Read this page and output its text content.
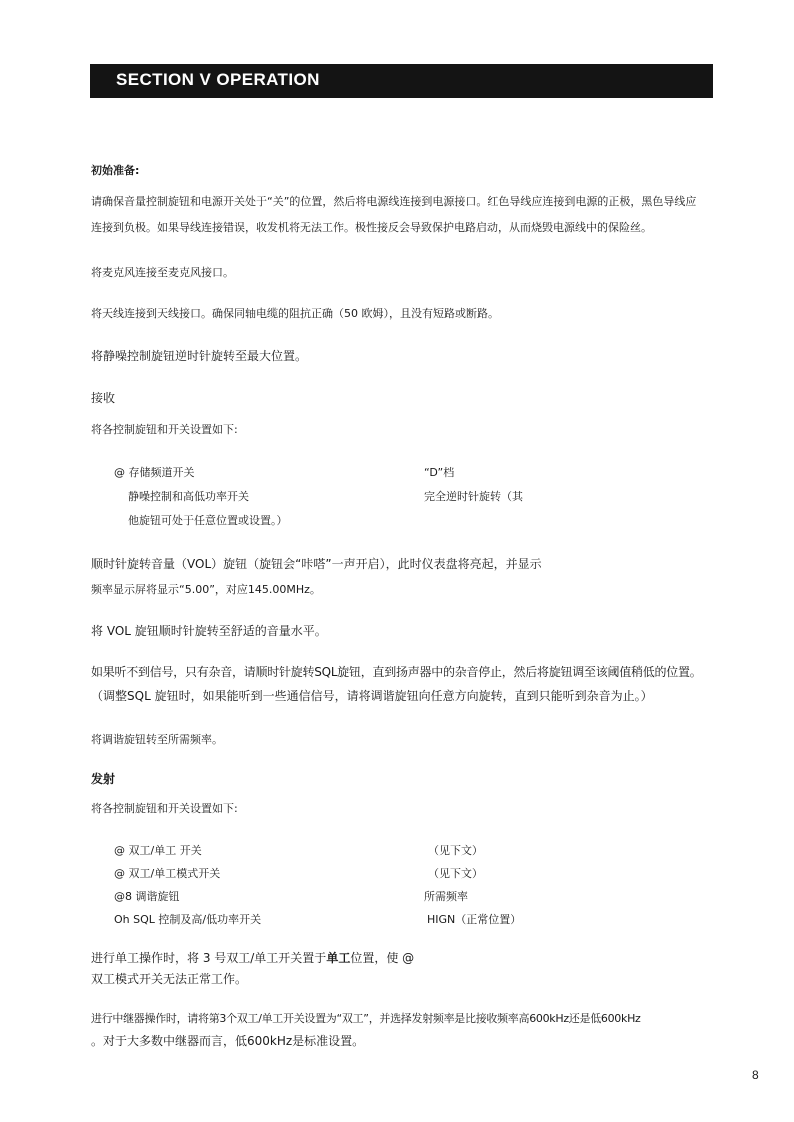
SECTION V OPERATION
初始准备:
请确保音量控制旋钮和电源开关处于“关”的位置，然后将电源线连接到电源接口。红色导线应连接到电源的正极，黑色导线应
连接到负极。如果导线连接错误，收发机将无法工作。极性接反会导致保护电路启动，从而烧毁电源线中的保险丝。
将麦克风连接至麦克风接口。
将天线连接到天线接口。确保同轴电缆的阻抗正确（50 欧姆），且没有短路或断路。
将静噪控制旋钮逆时针旋转至最大位置。
接收
将各控制旋钮和开关设置如下:
@ 存储频道开关	“D”档
静噪控制和高低功率开关	完全逆时针旋转（其
他旋钮可处于任意位置或设置。）
顺时针旋转音量（VOL）旋钮（旋钮会“咔嗒”一声开启），此时仪表盘将亮起，并显示
频率显示屏将显示“5.00”，对应145.00MHz。
将 VOL 旋钮顺时针旋转至舒适的音量水平。
如果听不到信号，只有杂音，请顺时针旋转SQL旋钮，直到扬声器中的杂音停止，然后将旋钮调至该阈值稍低的位置。
（调整SQL 旋钮时，如果能听到一些通信信号，请将调谐旋钮向任意方向旋转，直到只能听到杂音为止。）
将调谐旋钮转至所需频率。
发射
将各控制旋钮和开关设置如下:
@ 双工/单工 开关	（见下文）
@ 双工/单工模式开关	（见下文）
@8 调谐旋钮	所需频率
Oh SQL 控制及高/低功率开关	HIGN（正常位置）
进行单工操作时，将 3 号双工/单工开关置于单工位置，使 @
双工模式开关无法正常工作。
进行中继器操作时，请将第3个双工/单工开关设置为“双工”，并选择发射频率是比接收频率高600kHz还是低600kHz
。对于大多数中继器而言，低600kHz是标准设置。
8
